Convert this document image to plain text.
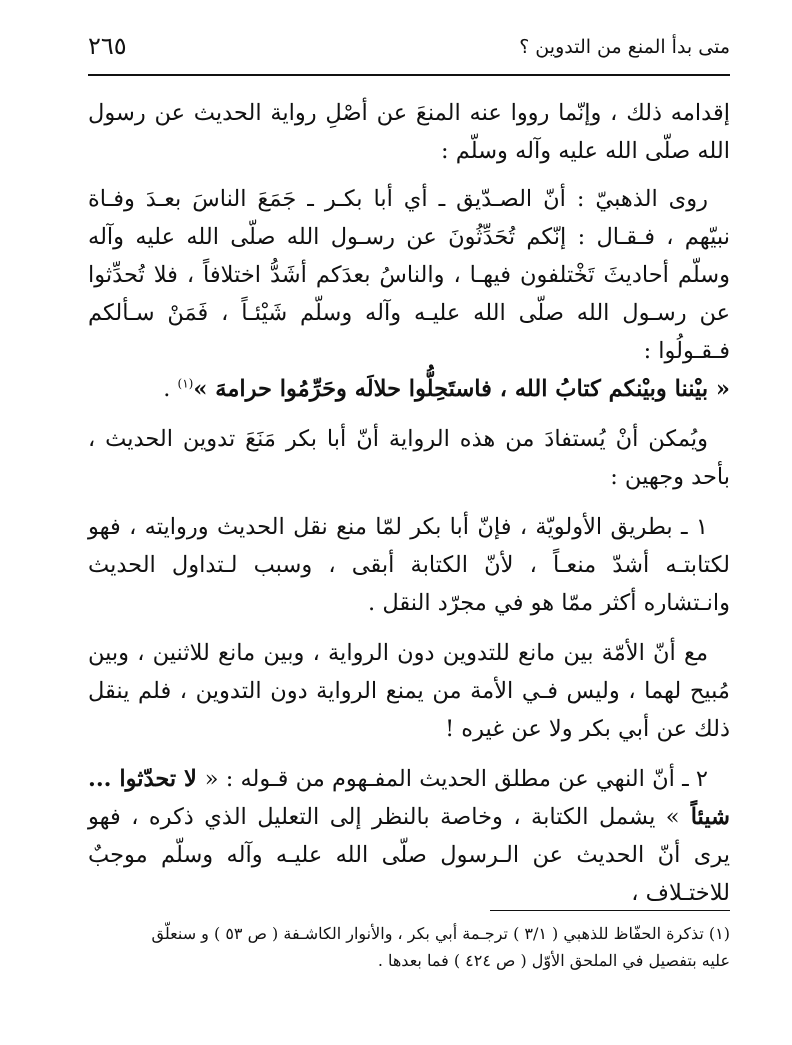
متى بدأ المنع من التدوين ؟
٢٦٥

إقدامه ذلك ، وإنّما رووا عنه المنعَ عن أصْلِ رواية الحديث عن رسول الله صلّى الله عليه وآله وسلّم :

روى الذهبيّ : أنّ الصـدّيق ـ أي أبا بكـر ـ جَمَعَ الناسَ بعـدَ وفـاة نبيّهم ، فـقـال : إنّكم تُحَدِّثُونَ عن رسـول الله صلّى الله عليه وآله وسلّم أحاديثَ تَخْتلفون فيهـا ، والناسُ بعدَكم أشَدُّ اختلافاً ، فلا تُحدِّثوا عن رسـول الله صلّى الله عليـه وآله وسلّم شَيْئـاً ، فَمَنْ سـألكم فـقـولُوا :

« بيْننا وبيْنكم كتابُ الله ، فاستَحِلُّوا حلالَه وحَرِّمُوا حرامهَ »$^{(١)}$ .

ويُمكن أنْ يُستفادَ من هذه الرواية أنّ أبا بكر مَنَعَ تدوين الحديث ، بأحد وجهين :

١ ـ بطريق الأولويّة ، فإنّ أبا بكر لمّا منع نقل الحديث وروايته ، فهو لكتابتـه أشدّ منعـاً ، لأنّ الكتابة أبقى ، وسبب لـتداول الحديث وانـتشاره أكثر ممّا هو في مجرّد النقل .

مع أنّ الأمّة بين مانع للتدوين دون الرواية ، وبين مانع للاثنين ، وبين مُبيح لهما ، وليس فـي الأمة من يمنع الرواية دون التدوين ، فلم ينقل ذلك عن أبي بكر ولا عن غيره !

٢ ـ أنّ النهي عن مطلق الحديث المفـهوم من قـوله : « لا تحدّثوا ... شيئاً » يشمل الكتابة ، وخاصة بالنظر إلى التعليل الذي ذكره ، فهو يرى أنّ الحديث عن الـرسول صلّى الله عليـه وآله وسلّم موجبٌ للاختـلاف ،

(١) تذكرة الحفّاظ للذهبي ( ٣/١ ) ترجـمة أبي بكر ، والأنوار الكاشـفة ( ص ٥٣ ) و سنعلّق

عليه بتفصيل في الملحق الأوّل ( ص ٤٢٤ ) فما بعدها .
